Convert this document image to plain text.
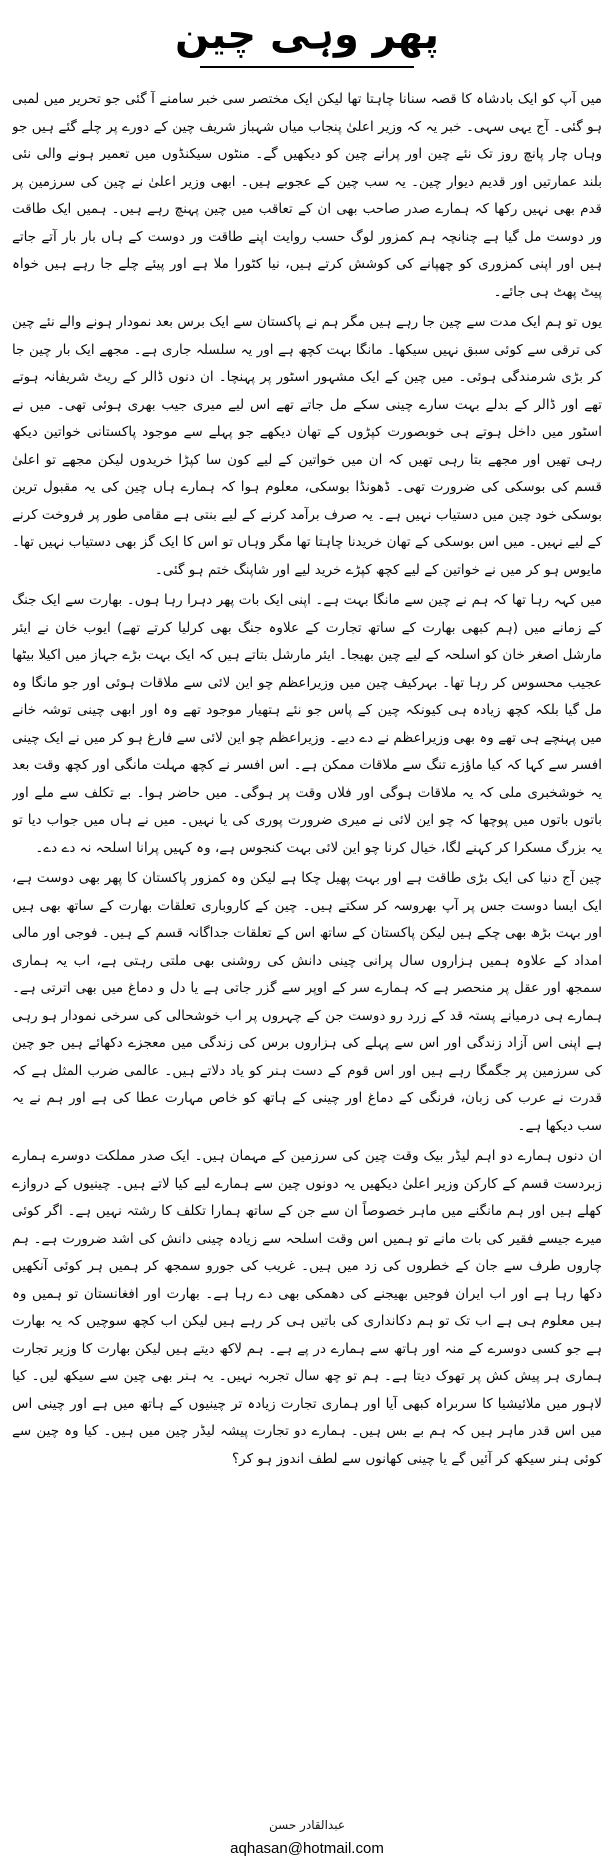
پھر وہی چین

میں آپ کو ایک بادشاہ کا قصہ سنانا چاہتا تھا لیکن ایک مختصر سی خبر سامنے آ گئی جو تحریر میں لمبی ہو گئی۔ آج یہی سہی۔ خبر یہ کہ وزیر اعلیٰ پنجاب میاں شہباز شریف چین کے دورے پر چلے گئے ہیں جو وہاں چار پانچ روز تک نئے چین اور پرانے چین کو دیکھیں گے۔ منٹوں سیکنڈوں میں تعمیر ہونے والی نئی بلند عمارتیں اور قدیم دیوار چین۔ یہ سب چین کے عجوبے ہیں۔ ابھی وزیر اعلیٰ نے چین کی سرزمین پر قدم بھی نہیں رکھا کہ ہمارے صدر صاحب بھی ان کے تعاقب میں چین پہنچ رہے ہیں۔ ہمیں ایک طاقت ور دوست مل گیا ہے چنانچہ ہم کمزور لوگ حسب روایت اپنے طاقت ور دوست کے ہاں بار بار آتے جاتے ہیں اور اپنی کمزوری کو چھپانے کی کوشش کرتے ہیں، نیا کٹورا ملا ہے اور پیئے چلے جا رہے ہیں خواہ پیٹ پھٹ ہی جائے۔

یوں تو ہم ایک مدت سے چین جا رہے ہیں مگر ہم نے پاکستان سے ایک برس بعد نمودار ہونے والے نئے چین کی ترقی سے کوئی سبق نہیں سیکھا۔ مانگا بہت کچھ ہے اور یہ سلسلہ جاری ہے۔ مجھے ایک بار چین جا کر بڑی شرمندگی ہوئی۔ میں چین کے ایک مشہور اسٹور پر پہنچا۔ ان دنوں ڈالر کے ریٹ شریفانہ ہوتے تھے اور ڈالر کے بدلے بہت سارے چینی سکے مل جاتے تھے اس لیے میری جیب بھری ہوئی تھی۔ میں نے اسٹور میں داخل ہوتے ہی خوبصورت کپڑوں کے تھان دیکھے جو پہلے سے موجود پاکستانی خواتین دیکھ رہی تھیں اور مجھے بتا رہی تھیں کہ ان میں خواتین کے لیے کون سا کپڑا خریدوں لیکن مجھے تو اعلیٰ قسم کی بوسکی کی ضرورت تھی۔ ڈھونڈا بوسکی، معلوم ہوا کہ ہمارے ہاں چین کی یہ مقبول ترین بوسکی خود چین میں دستیاب نہیں ہے۔ یہ صرف برآمد کرنے کے لیے بنتی ہے مقامی طور پر فروخت کرنے کے لیے نہیں۔ میں اس بوسکی کے تھان خریدنا چاہتا تھا مگر وہاں تو اس کا ایک گز بھی دستیاب نہیں تھا۔ مایوس ہو کر میں نے خواتین کے لیے کچھ کپڑے خرید لیے اور شاپنگ ختم ہو گئی۔

میں کہہ رہا تھا کہ ہم نے چین سے مانگا بہت ہے۔ اپنی ایک بات پھر دہرا رہا ہوں۔ بھارت سے ایک جنگ کے زمانے میں (ہم کبھی بھارت کے ساتھ تجارت کے علاوہ جنگ بھی کرلیا کرتے تھے) ایوب خان نے ایئر مارشل اصغر خان کو اسلحہ کے لیے چین بھیجا۔ ایئر مارشل بتاتے ہیں کہ ایک بہت بڑے جہاز میں اکیلا بیٹھا عجیب محسوس کر رہا تھا۔ بہرکیف چین میں وزیراعظم چو این لائی سے ملاقات ہوئی اور جو مانگا وہ مل گیا بلکہ کچھ زیادہ ہی کیونکہ چین کے پاس جو نئے ہتھیار موجود تھے وہ اور ابھی چینی توشہ خانے میں پہنچے ہی تھے وہ بھی وزیراعظم نے دے دیے۔ وزیراعظم چو این لائی سے فارغ ہو کر میں نے ایک چینی افسر سے کہا کہ کیا ماؤزے تنگ سے ملاقات ممکن ہے۔ اس افسر نے کچھ مہلت مانگی اور کچھ وقت بعد یہ خوشخبری ملی کہ یہ ملاقات ہوگی اور فلاں وقت پر ہوگی۔ میں حاضر ہوا۔ بے تکلف سے ملے اور باتوں باتوں میں پوچھا کہ چو این لائی نے میری ضرورت پوری کی یا نہیں۔ میں نے ہاں میں جواب دیا تو یہ بزرگ مسکرا کر کہنے لگا، خیال کرنا چو این لائی بہت کنجوس ہے، وہ کہیں پرانا اسلحہ نہ دے دے۔

چین آج دنیا کی ایک بڑی طاقت ہے اور بہت پھیل چکا ہے لیکن وہ کمزور پاکستان کا پھر بھی دوست ہے، ایک ایسا دوست جس پر آپ بھروسہ کر سکتے ہیں۔ چین کے کاروباری تعلقات بھارت کے ساتھ بھی ہیں اور بہت بڑھ بھی چکے ہیں لیکن پاکستان کے ساتھ اس کے تعلقات جداگانہ قسم کے ہیں۔ فوجی اور مالی امداد کے علاوہ ہمیں ہزاروں سال پرانی چینی دانش کی روشنی بھی ملتی رہتی ہے، اب یہ ہماری سمجھ اور عقل پر منحصر ہے کہ ہمارے سر کے اوپر سے گزر جاتی ہے یا دل و دماغ میں بھی اترتی ہے۔ ہمارے ہی درمیانے پستہ قد کے زرد رو دوست جن کے چہروں پر اب خوشحالی کی سرخی نمودار ہو رہی ہے اپنی اس آزاد زندگی اور اس سے پہلے کی ہزاروں برس کی زندگی میں معجزے دکھائے ہیں جو چین کی سرزمین پر جگمگا رہے ہیں اور اس قوم کے دست ہنر کو یاد دلاتے ہیں۔ عالمی ضرب المثل ہے کہ قدرت نے عرب کی زبان، فرنگی کے دماغ اور چینی کے ہاتھ کو خاص مہارت عطا کی ہے اور ہم نے یہ سب دیکھا ہے۔

ان دنوں ہمارے دو اہم لیڈر بیک وقت چین کی سرزمین کے مہمان ہیں۔ ایک صدر مملکت دوسرے ہمارے زبردست قسم کے کارکن وزیر اعلیٰ دیکھیں یہ دونوں چین سے ہمارے لیے کیا لاتے ہیں۔ چینیوں کے دروازے کھلے ہیں اور ہم مانگنے میں ماہر خصوصاً ان سے جن کے ساتھ ہمارا تکلف کا رشتہ نہیں ہے۔ اگر کوئی میرے جیسے فقیر کی بات مانے تو ہمیں اس وقت اسلحہ سے زیادہ چینی دانش کی اشد ضرورت ہے۔ ہم چاروں طرف سے جان کے خطروں کی زد میں ہیں۔ غریب کی جورو سمجھ کر ہمیں ہر کوئی آنکھیں دکھا رہا ہے اور اب ایران فوجیں بھیجنے کی دھمکی بھی دے رہا ہے۔ بھارت اور افغانستان تو ہمیں وہ ہیں معلوم ہی ہے اب تک تو ہم دکانداری کی باتیں ہی کر رہے ہیں لیکن اب کچھ سوچیں کہ یہ بھارت ہے جو کسی دوسرے کے منہ اور ہاتھ سے ہمارے در پے ہے۔ ہم لاکھ دیتے ہیں لیکن بھارت کا وزیر تجارت ہماری ہر پیش کش پر تھوک دیتا ہے۔ ہم تو چھ سال تجربہ نہیں۔ یہ ہنر بھی چین سے سیکھ لیں۔ کیا لاہور میں ملائیشیا کا سربراہ کبھی آیا اور ہماری تجارت زیادہ تر چینیوں کے ہاتھ میں ہے اور چینی اس میں اس قدر ماہر ہیں کہ ہم بے بس ہیں۔ ہمارے دو تجارت پیشہ لیڈر چین میں ہیں۔ کیا وہ چین سے کوئی ہنر سیکھ کر آئیں گے یا چینی کھانوں سے لطف اندوز ہو کر؟

عبدالقادر حسن
aqhasan@hotmail.com
